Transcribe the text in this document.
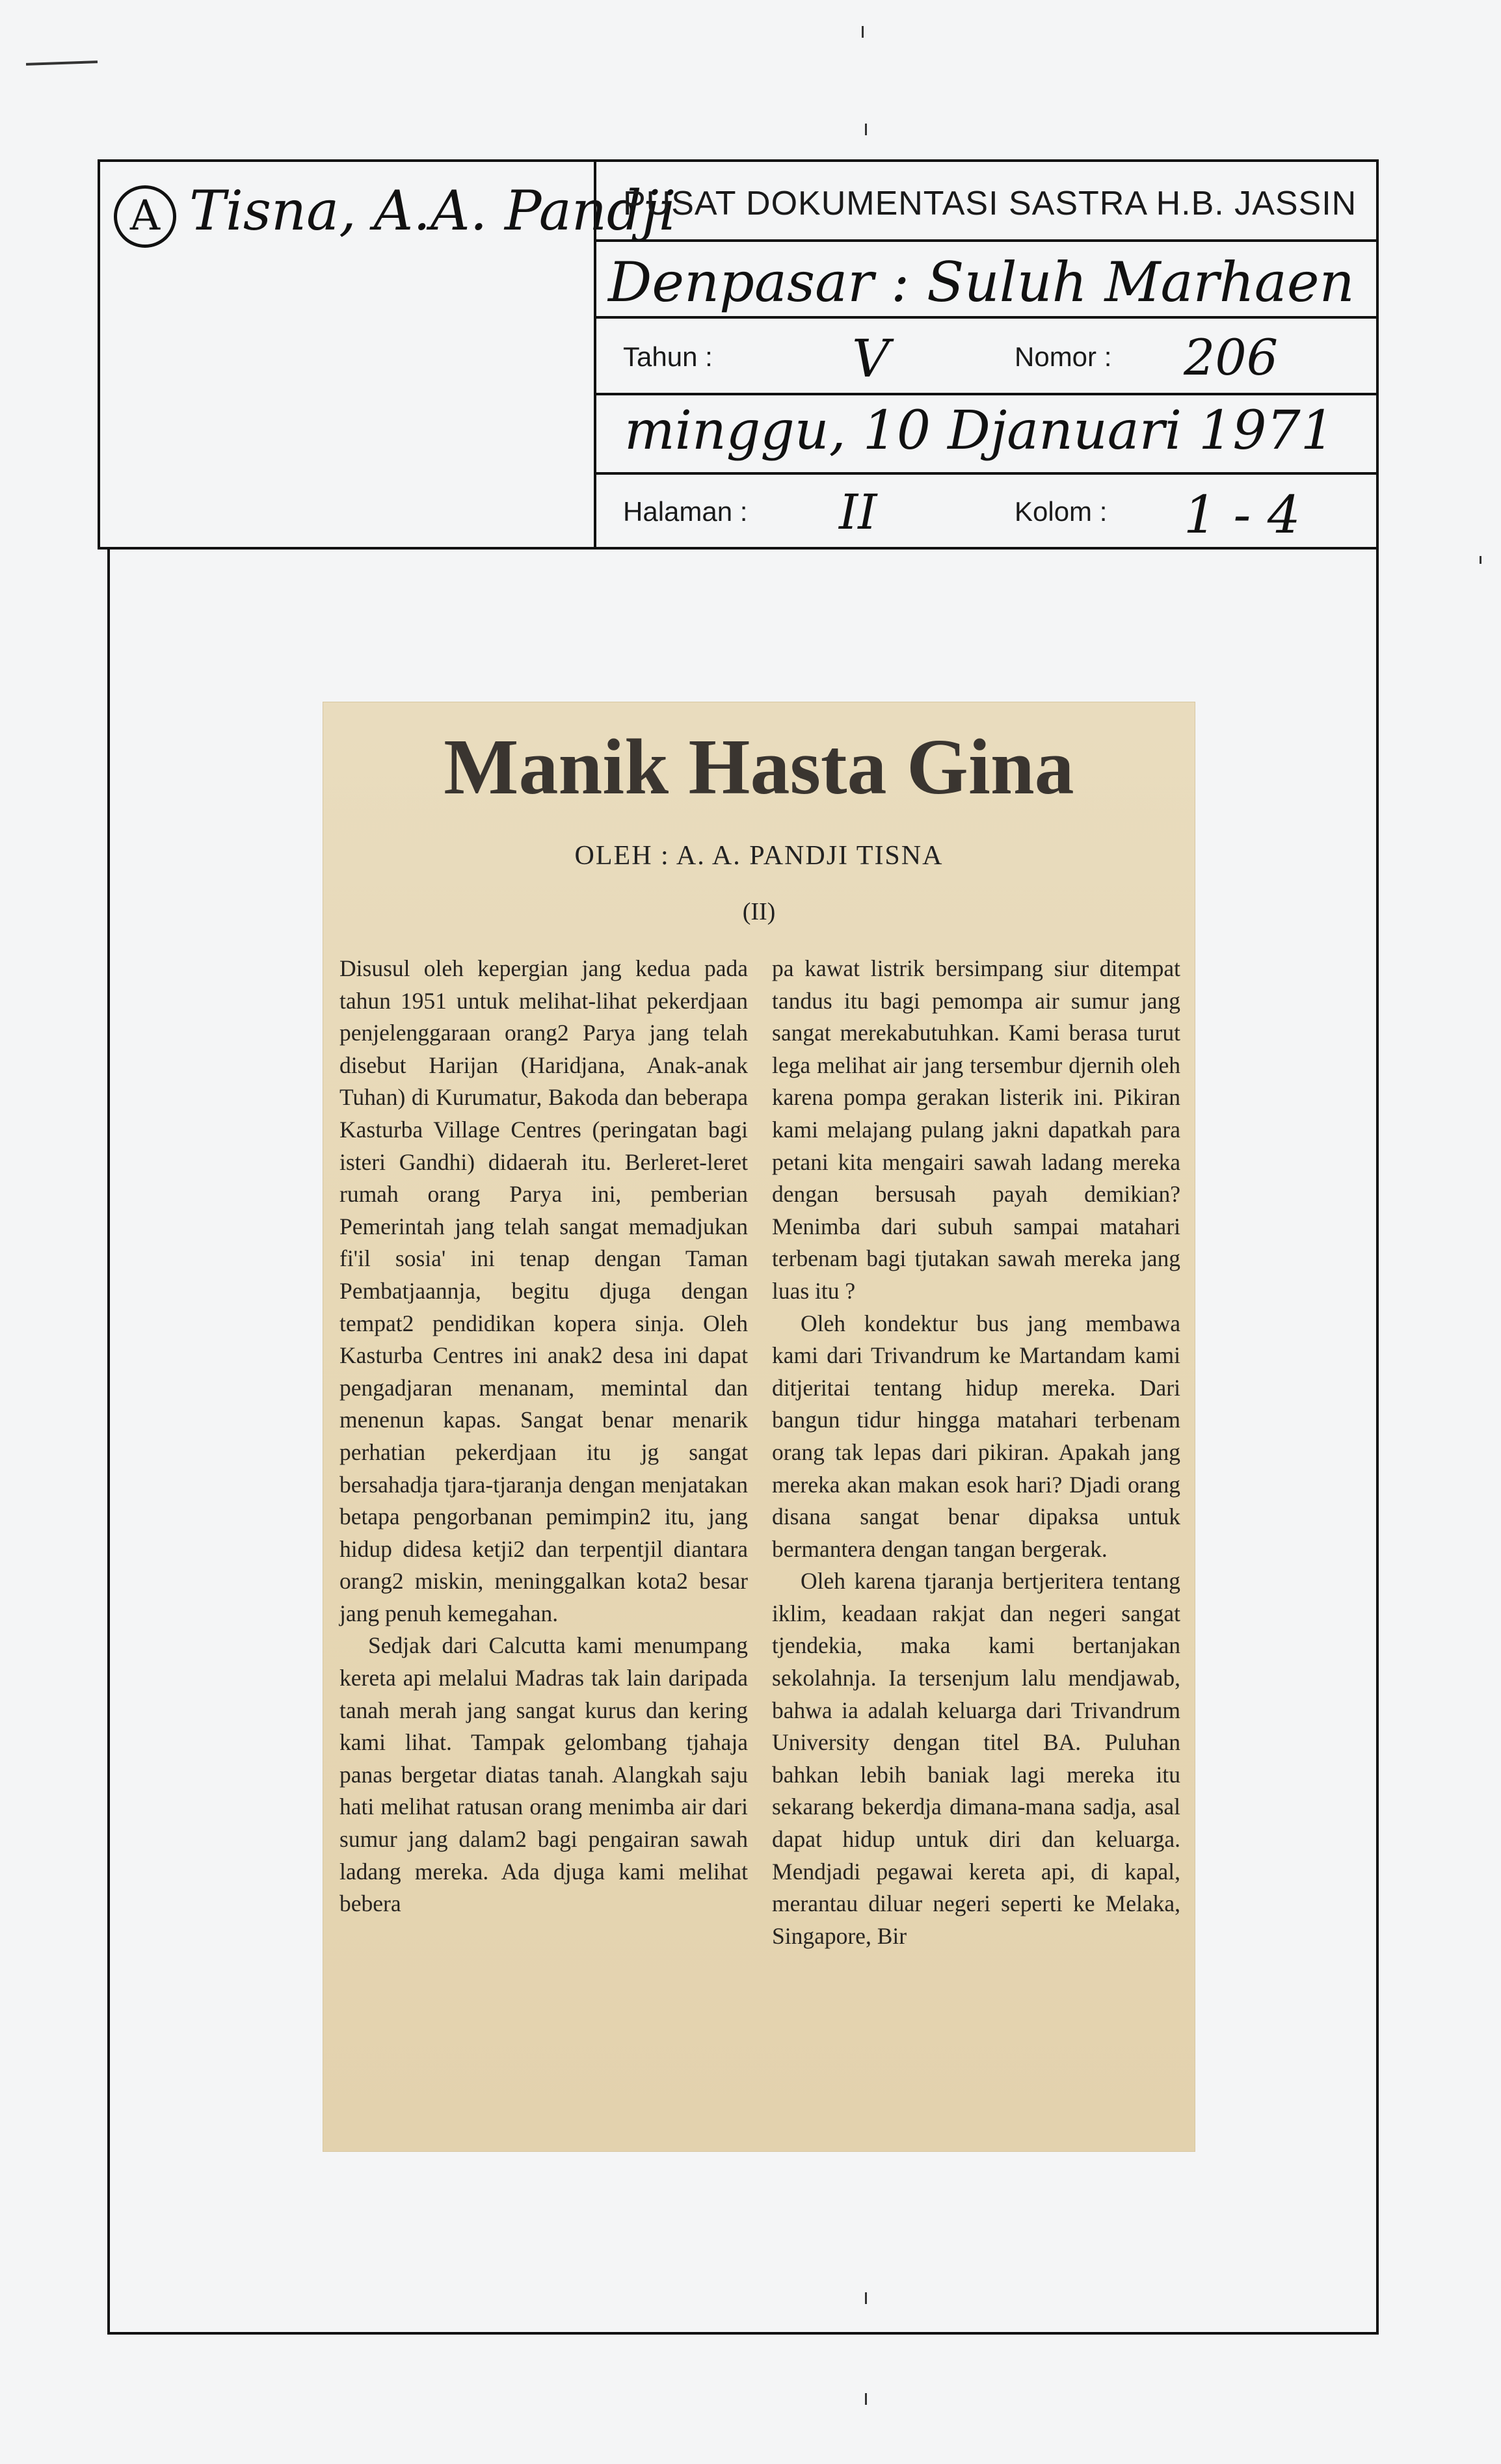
A Tisna, A.A. Pandji
PUSAT DOKUMENTASI SASTRA H.B. JASSIN
Denpasar : Suluh Marhaen
Tahun :	V	Nomor : 206
minggu, 10 Djanuari 1971
Halaman : II	Kolom : 1 - 4
Manik Hasta Gina
OLEH : A. A. PANDJI TISNA
(II)

Disusul oleh kepergian jang kedua pada tahun 1951 untuk melihat-lihat pekerdjaan penjelenggaraan orang2 Parya jang telah disebut Harijan (Haridjana, Anak-anak Tuhan) di Kurumatur, Bakoda dan beberapa Kasturba Village Centres (peringatan bagi isteri Gandhi) didaerah itu. Berleret-leret rumah orang Parya ini, pemberian Pemerintah jang telah sangat memadjukan fi'il sosia' ini tenap dengan Taman Pembatjaannja, begitu djuga dengan tempat2 pendidikan kopera sinja. Oleh Kasturba Centres ini anak2 desa ini dapat pengadjaran menanam, memintal dan menenun kapas. Sangat benar menarik perhatian pekerdjaan itu jg sangat bersahadja tjara-tjaranja dengan menjatakan betapa pengorbanan pemimpin2 itu, jang hidup didesa ketji2 dan terpentjil diantara orang2 miskin, meninggalkan kota2 besar jang penuh kemegahan.

Sedjak dari Calcutta kami menumpang kereta api melalui Madras tak lain daripada tanah merah jang sangat kurus dan kering kami lihat. Tampak gelombang tjahaja panas bergetar diatas tanah. Alangkah saju hati melihat ratusan orang menimba air dari sumur jang dalam2 bagi pengairan sawah ladang mereka. Ada djuga kami melihat bebera

pa kawat listrik bersimpang siur ditempat tandus itu bagi pemompa air sumur jang sangat merekabutuhkan. Kami berasa turut lega melihat air jang tersembur djernih oleh karena pompa gerakan listerik ini. Pikiran kami melajang pulang jakni dapatkah para petani kita mengairi sawah ladang mereka dengan bersusah payah demikian? Menimba dari subuh sampai matahari terbenam bagi tjutakan sawah mereka jang luas itu ?

Oleh kondektur bus jang membawa kami dari Trivandrum ke Martandam kami ditjeritai tentang hidup mereka. Dari bangun tidur hingga matahari terbenam orang tak lepas dari pikiran. Apakah jang mereka akan makan esok hari? Djadi orang disana sangat benar dipaksa untuk bermantera dengan tangan bergerak.

Oleh karena tjaranja bertjeritera tentang iklim, keadaan rakjat dan negeri sangat tjendekia, maka kami bertanjakan sekolahnja. Ia tersenjum lalu mendjawab, bahwa ia adalah keluarga dari Trivandrum University dengan titel BA. Puluhan bahkan lebih baniak lagi mereka itu sekarang bekerdja dimana-mana sadja, asal dapat hidup untuk diri dan keluarga. Mendjadi pegawai kereta api, di kapal, merantau diluar negeri seperti ke Melaka, Singapore, Bir
